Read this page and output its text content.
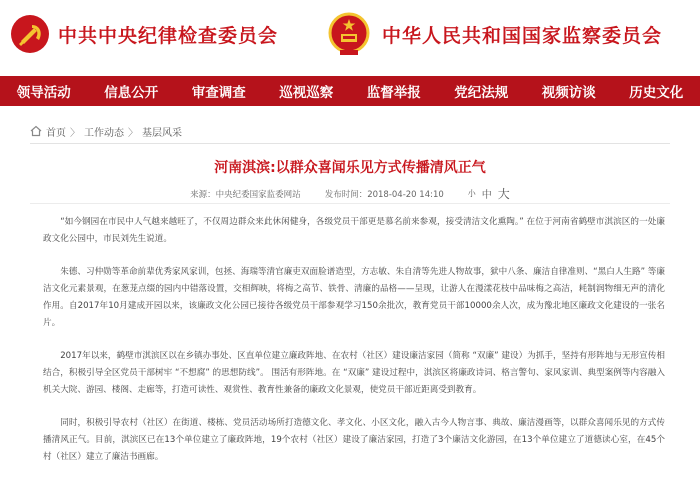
中共中央纪律检查委员会	中华人民共和国国家监察委员会
领导活动	信息公开	审查调查	巡视巡察	监督举报	党纪法规	视频访谈	历史文化
首页 〉 工作动态 〉 基层风采
河南淇滨:以群众喜闻乐见方式传播清风正气
来源：中央纪委国家监委网站	发布时间：2018-04-20 14:10	小 中 大

“如今钢园在市民中人气越来越旺了，不仅周边群众来此休闲健身，各级党员干部更是慕名前来参观，接受清洁文化熏陶。” 在位于河南省鹤壁市淇滨区的一处廉政文化公园中，市民刘先生说道。

朱德、习仲勋等革命前辈优秀家风家训，包拯、海瑞等清官廉吏双面脸谱造型，方志敏、朱自清等先进人物故事，狱中八条、廉洁自律准则、“黑白人生路” 等廉洁文化元素景观，在葱茏点缀的园内中错落设置，交相辉映，将梅之高节、铁骨、清廉的品格——呈现，让游人在漫漾花枝中品味梅之高洁，耗制润物细无声的清化作用。自2017年10月建成开园以来，该廉政文化公园已接待各级党员干部参观学习150余批次，教育党员干部10000余人次，成为豫北地区廉政文化建设的一张名片。

2017年以来，鹤壁市淇滨区以在乡镇办事处、区直单位建立廉政阵地、在农村（社区）建设廉洁家园（简称 “双廉” 建设）为抓手，坚持有形阵地与无形宣传相结合，积极引导全区党员干部树牢 “不想腐” 的思想防线”。 围活有形阵地。在 “双廉” 建设过程中，淇滨区将廉政诗词、格言警句、家风家训、典型案例等内容融入机关大院、游园、楼阁、走廊等，打造可读性、观赏性、教育性兼备的廉政文化景观，使党员干部近距离受到教育。

同时，积极引导农村（社区）在街道、楼栋、党员活动场所打造德文化、孝文化、小区文化，融入古今人物言事、典故、廉洁漫画等，以群众喜闻乐见的方式传播清风正气。目前，淇滨区已在13个单位建立了廉政阵地，19个农村（社区）建设了廉洁家园，打造了3个廉洁文化游园，在13个单位建立了道德读心室，在45个村（社区）建立了廉洁书画廊。
